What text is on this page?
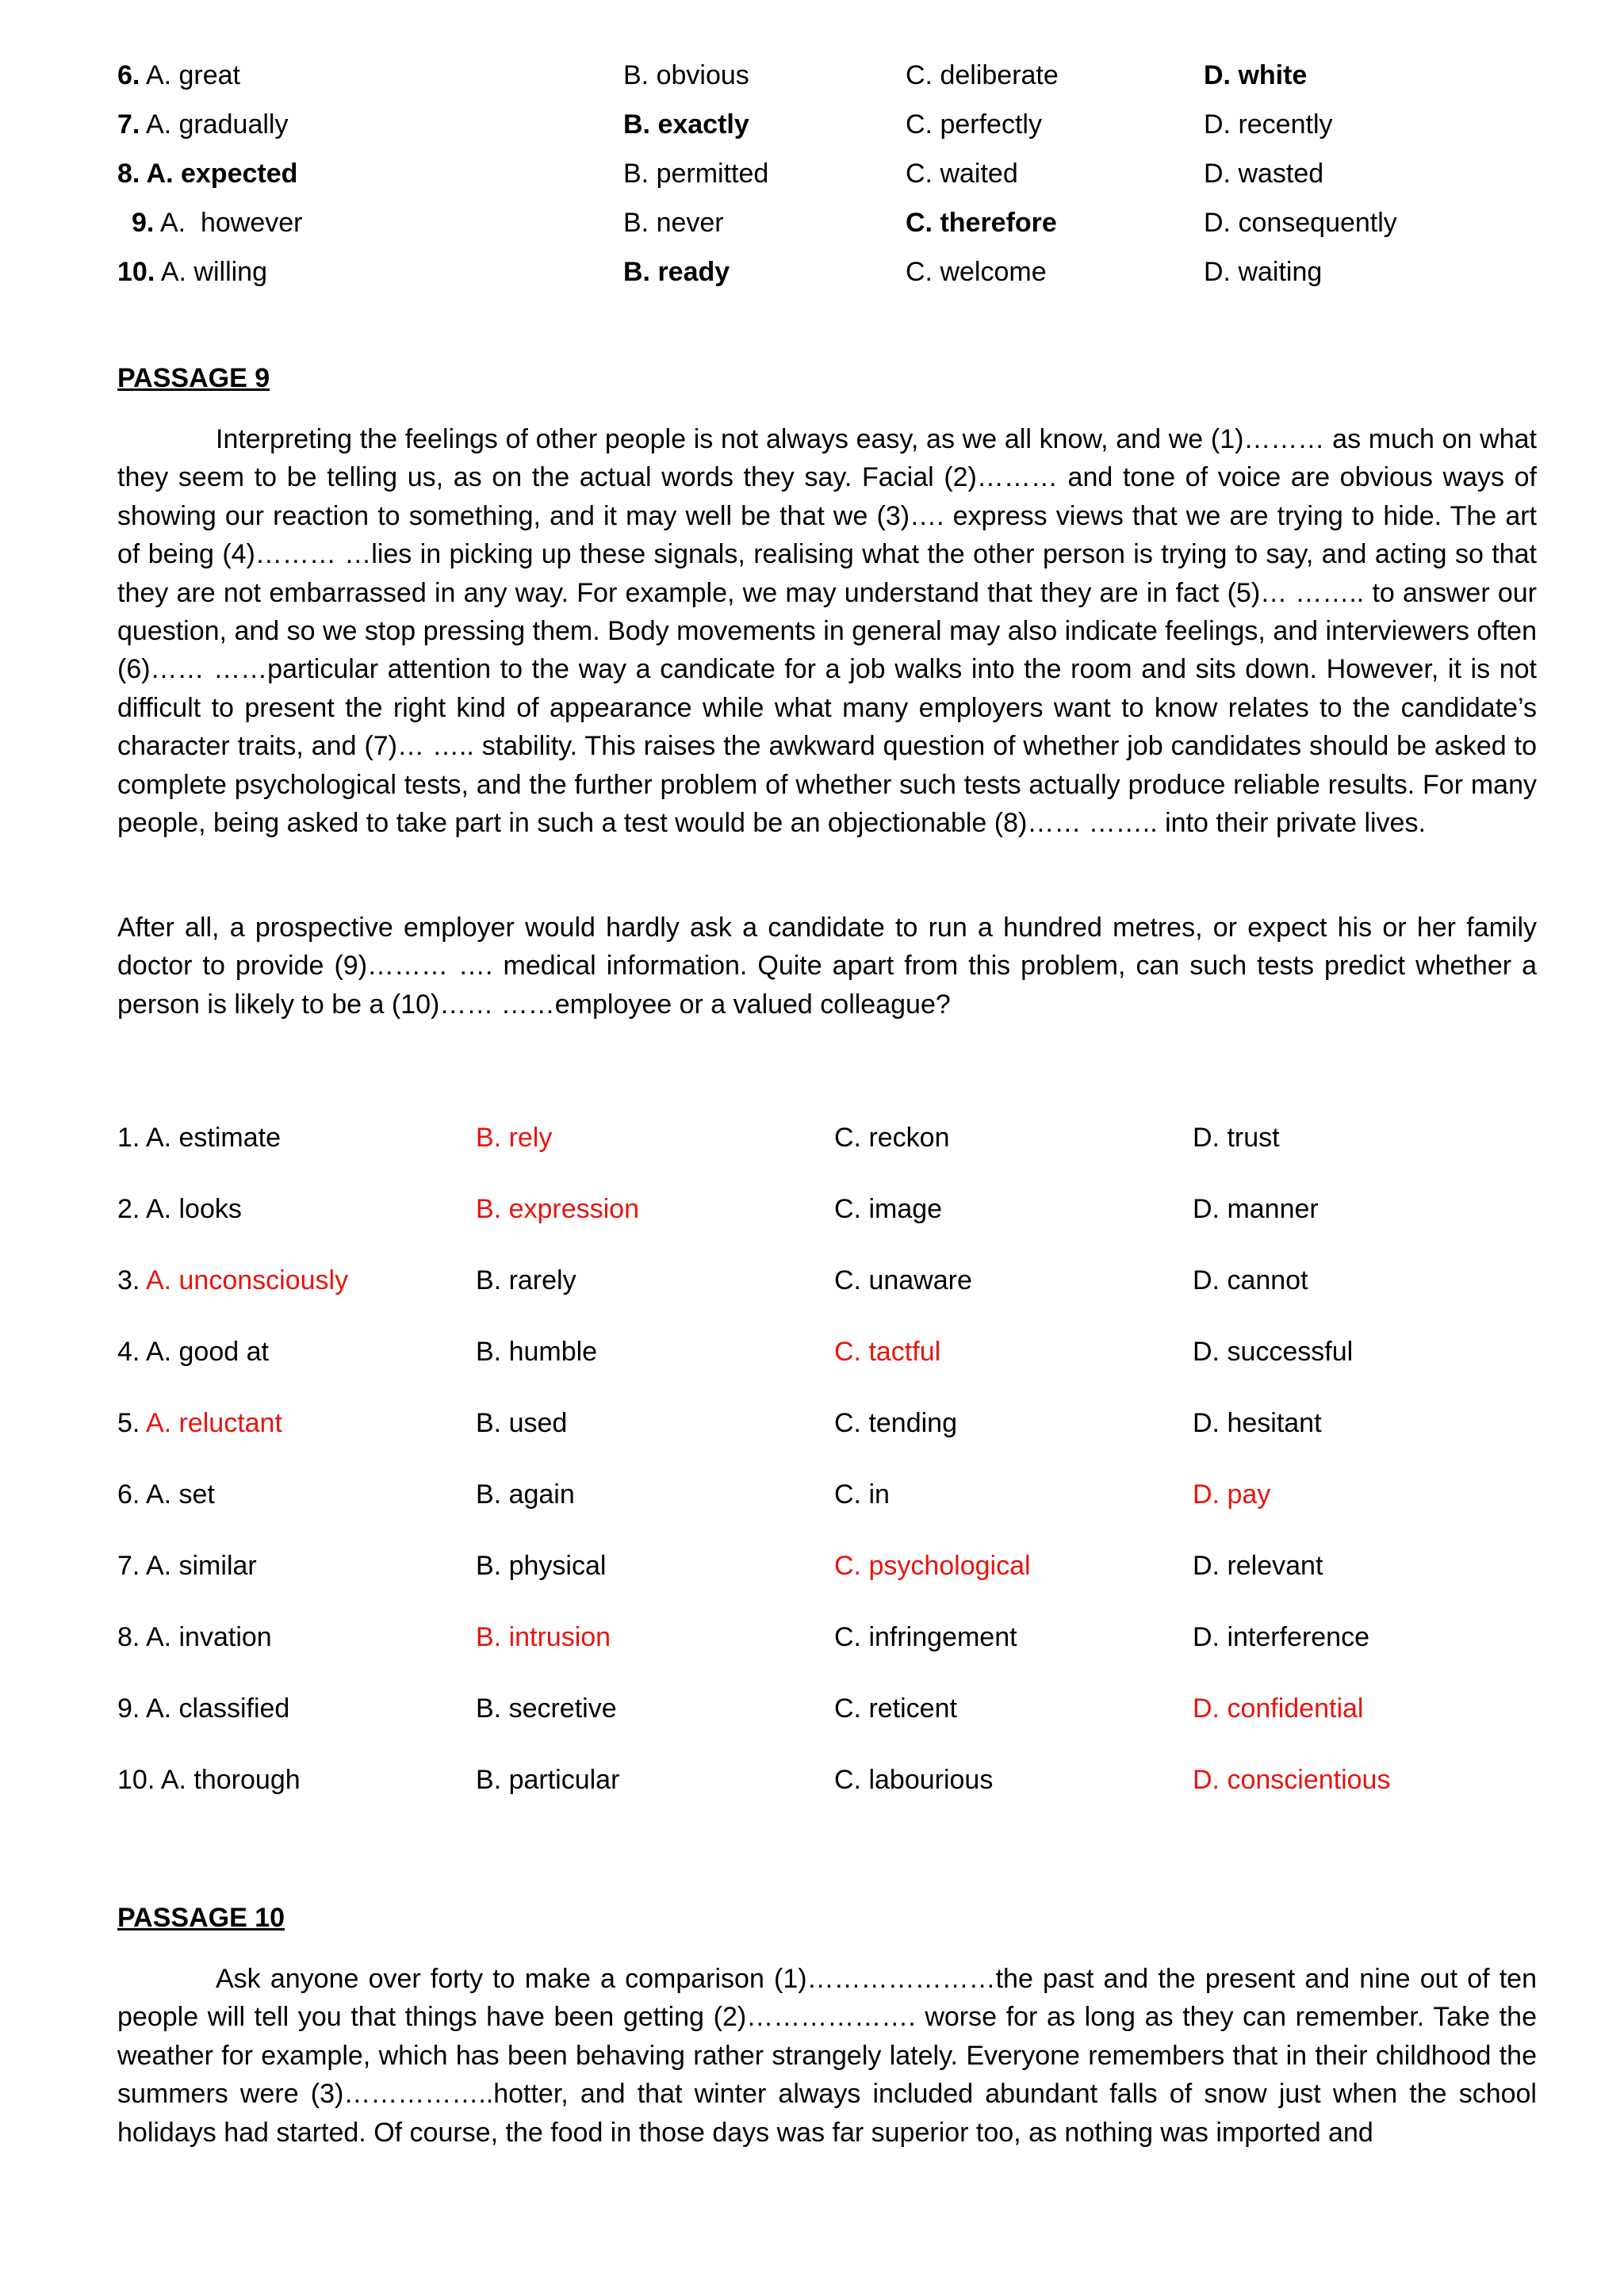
6. A. great	B. obvious	C. deliberate	D. white
7. A. gradually	B. exactly	C. perfectly	D. recently
8. A. expected	B. permitted	C. waited	D. wasted
9. A.  however	B. never	C. therefore	D. consequently
10. A. willing	B. ready	C. welcome	D. waiting
PASSAGE 9
Interpreting the feelings of other people is not always easy, as we all know, and we (1)……… as much on what they seem to be telling us, as on the actual words they say. Facial (2)……… and tone of voice are obvious ways of showing our reaction to something, and it may well be that we (3)…. express views that we are trying to hide. The art of being (4)……… …lies in picking up these signals, realising what the other person is trying to say, and acting so that they are not embarrassed in any way. For example, we may understand that they are in fact (5)… …….. to answer our question, and so we stop pressing them. Body movements in general may also indicate feelings, and interviewers often (6)…… ……particular attention to the way a candicate for a job walks into the room and sits down. However, it is not difficult to present the right kind of appearance while what many employers want to know relates to the candidate’s character traits, and (7)… ….. stability. This raises the awkward question of whether job candidates should be asked to complete psychological tests, and the further problem of whether such tests actually produce reliable results. For many people, being asked to take part in such a test would be an objectionable (8)…… …….. into their private lives.
After all, a prospective employer would hardly ask a candidate to run a hundred metres, or expect his or her family doctor to provide (9)……… …. medical information. Quite apart from this problem, can such tests predict whether a person is likely to be a (10)…… ……employee or a valued colleague?
1. A. estimate	B. rely	C. reckon	D. trust
2. A. looks	B. expression	C. image	D. manner
3. A. unconsciously	B. rarely	C. unaware	D. cannot
4. A. good at	B. humble	C. tactful	D. successful
5. A. reluctant	B. used	C. tending	D. hesitant
6. A. set	B. again	C. in	D. pay
7. A. similar	B. physical	C. psychological	D. relevant
8. A. invation	B. intrusion	C. infringement	D. interference
9. A. classified	B. secretive	C. reticent	D. confidential
10. A. thorough	B. particular	C. labourious	D. conscientious
PASSAGE 10
Ask anyone over forty to make a comparison (1)…………………the past and the present and nine out of ten people will tell you that things have been getting (2)………………. worse for as long as they can remember. Take the weather for example, which has been behaving rather strangely lately. Everyone remembers that in their childhood the summers were (3)……………..hotter, and that winter always included abundant falls of snow just when the school holidays had started. Of course, the food in those days was far superior too, as nothing was imported and
